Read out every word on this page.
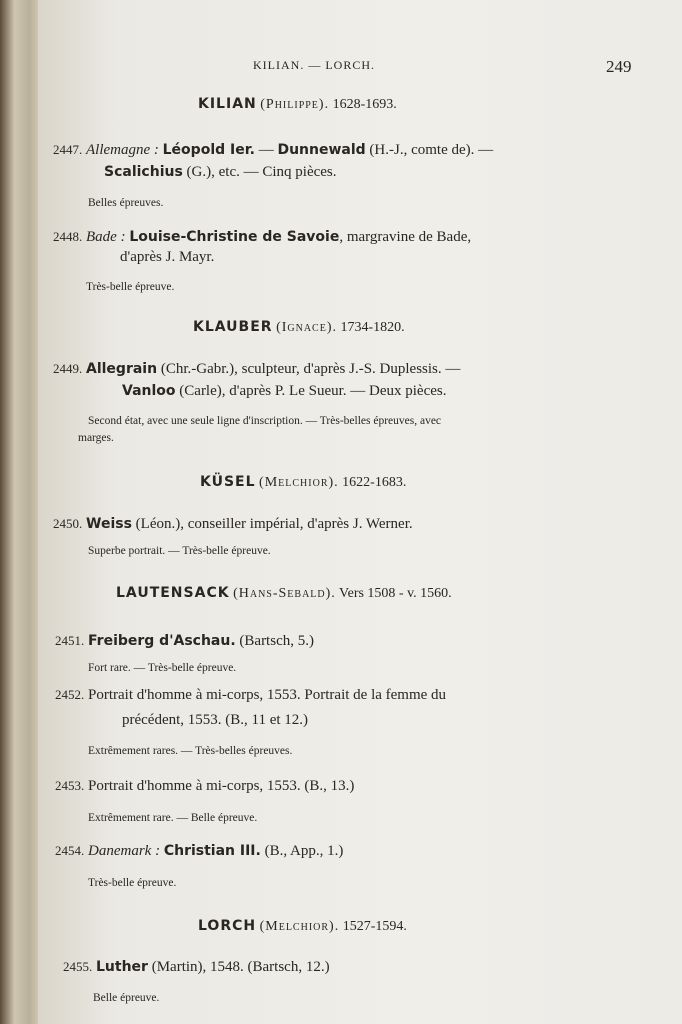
KILIAN. — LORCH.	249
KILIAN (Philippe). 1628-1693.
2447. Allemagne : Léopold Ier. — Dunnewald (H.-J., comte de). —
Scalichius (G.), etc. — Cinq pièces.
Belles épreuves.
2448. Bade : Louise-Christine de Savoie, margravine de Bade,
d'après J. Mayr.
Très-belle épreuve.
KLAUBER (Ignace). 1734-1820.
2449. Allegrain (Chr.-Gabr.), sculpteur, d'après J.-S. Duplessis. —
Vanloo (Carle), d'après P. Le Sueur. — Deux pièces.
Second état, avec une seule ligne d'inscription. — Très-belles épreuves, avec
marges.
KÜSEL (Melchior). 1622-1683.
2450. Weiss (Léon.), conseiller impérial, d'après J. Werner.
Superbe portrait. — Très-belle épreuve.
LAUTENSACK (Hans-Sebald). Vers 1508 - v. 1560.
2451. Freiberg d'Aschau. (Bartsch, 5.)
Fort rare. — Très-belle épreuve.
2452. Portrait d'homme à mi-corps, 1553. Portrait de la femme du
précédent, 1553. (B., 11 et 12.)
Extrêmement rares. — Très-belles épreuves.
2453. Portrait d'homme à mi-corps, 1553. (B., 13.)
Extrêmement rare. — Belle épreuve.
2454. Danemark : Christian III. (B., App., 1.)
Très-belle épreuve.
LORCH (Melchior). 1527-1594.
2455. Luther (Martin), 1548. (Bartsch, 12.)
Belle épreuve.
